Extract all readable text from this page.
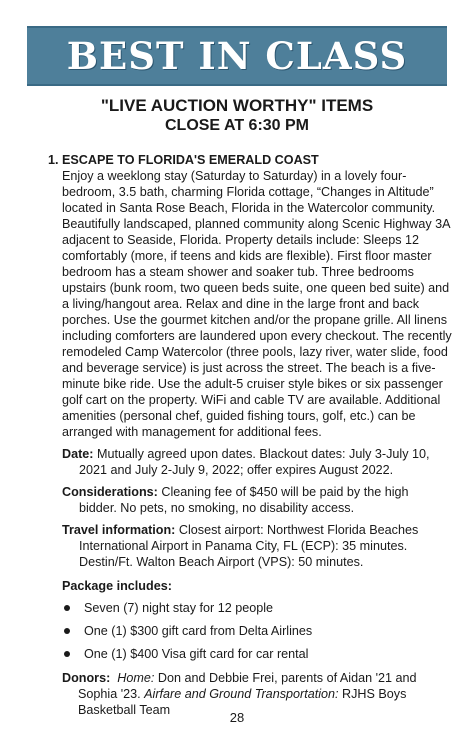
BEST IN CLASS
"LIVE AUCTION WORTHY" ITEMS
CLOSE AT 6:30 PM
1. ESCAPE TO FLORIDA'S EMERALD COAST
Enjoy a weeklong stay (Saturday to Saturday) in a lovely four-bedroom, 3.5 bath, charming Florida cottage, “Changes in Altitude” located in Santa Rose Beach, Florida in the Watercolor community. Beautifully landscaped, planned community along Scenic Highway 3A adjacent to Seaside, Florida. Property details include: Sleeps 12 comfortably (more, if teens and kids are flexible). First floor master bedroom has a steam shower and soaker tub. Three bedrooms upstairs (bunk room, two queen beds suite, one queen bed suite) and a living/hangout area. Relax and dine in the large front and back porches. Use the gourmet kitchen and/or the propane grille. All linens including comforters are laundered upon every checkout. The recently remodeled Camp Watercolor (three pools, lazy river, water slide, food and beverage service) is just across the street. The beach is a five-minute bike ride. Use the adult-5 cruiser style bikes or six passenger golf cart on the property. WiFi and cable TV are available. Additional amenities (personal chef, guided fishing tours, golf, etc.) can be arranged with management for additional fees.
Date: Mutually agreed upon dates. Blackout dates: July 3-July 10,
2021 and July 2-July 9, 2022; offer expires August 2022.
Considerations: Cleaning fee of $450 will be paid by the high
bidder. No pets, no smoking, no disability access.
Travel information: Closest airport: Northwest Florida Beaches
International Airport in Panama City, FL (ECP): 35 minutes.
Destin/Ft. Walton Beach Airport (VPS): 50 minutes.
Package includes:
Seven (7) night stay for 12 people
One (1) $300 gift card from Delta Airlines
One (1) $400 Visa gift card for car rental
Donors: Home: Don and Debbie Frei, parents of Aidan '21 and
Sophia '23. Airfare and Ground Transportation: RJHS Boys
Basketball Team	28
